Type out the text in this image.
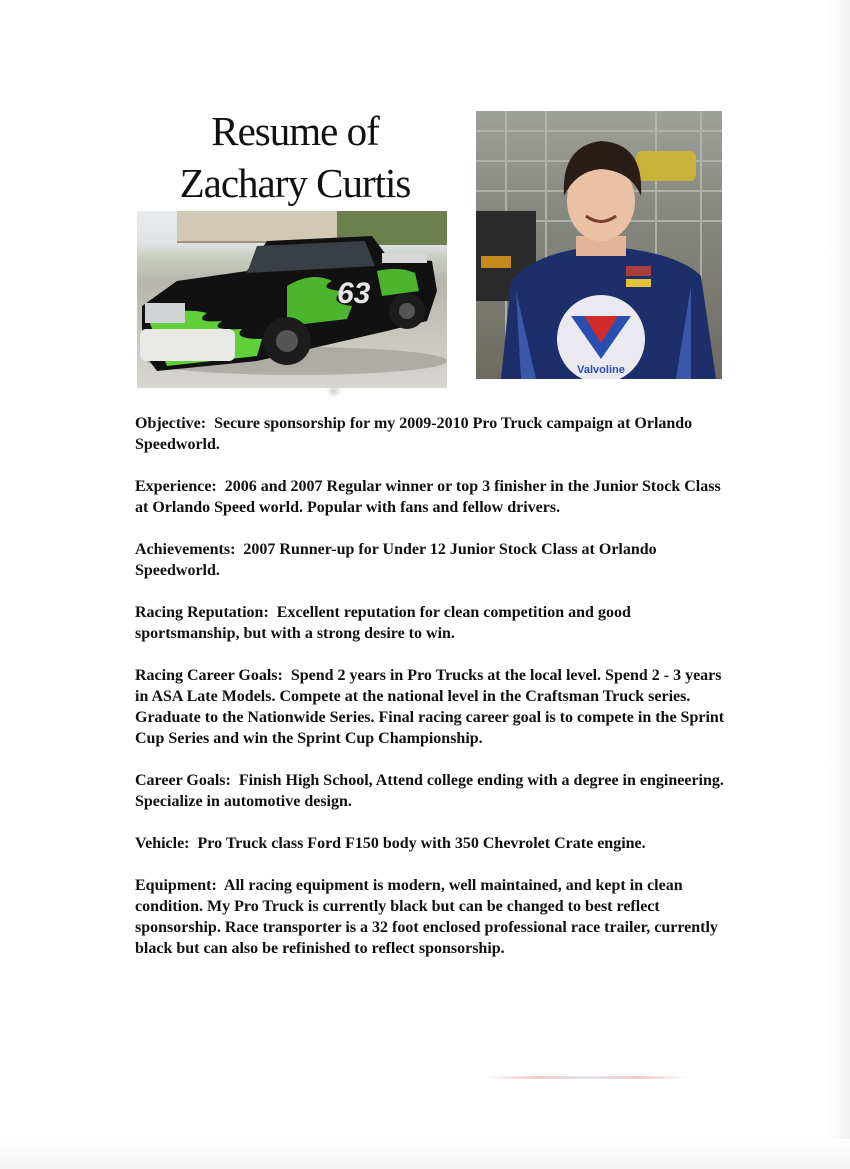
Resume of
Zachary Curtis
63
Valvoline

Objective: Secure sponsorship for my 2009-2010 Pro Truck campaign at Orlando Speedworld.

Experience: 2006 and 2007 Regular winner or top 3 finisher in the Junior Stock Class at Orlando Speed world. Popular with fans and fellow drivers.

Achievements: 2007 Runner-up for Under 12 Junior Stock Class at Orlando Speedworld.

Racing Reputation: Excellent reputation for clean competition and good sportsmanship, but with a strong desire to win.

Racing Career Goals: Spend 2 years in Pro Trucks at the local level. Spend 2 - 3 years in ASA Late Models. Compete at the national level in the Craftsman Truck series. Graduate to the Nationwide Series. Final racing career goal is to compete in the Sprint Cup Series and win the Sprint Cup Championship.

Career Goals: Finish High School, Attend college ending with a degree in engineering. Specialize in automotive design.

Vehicle: Pro Truck class Ford F150 body with 350 Chevrolet Crate engine.

Equipment: All racing equipment is modern, well maintained, and kept in clean condition. My Pro Truck is currently black but can be changed to best reflect sponsorship. Race transporter is a 32 foot enclosed professional race trailer, currently black but can also be refinished to reflect sponsorship.
